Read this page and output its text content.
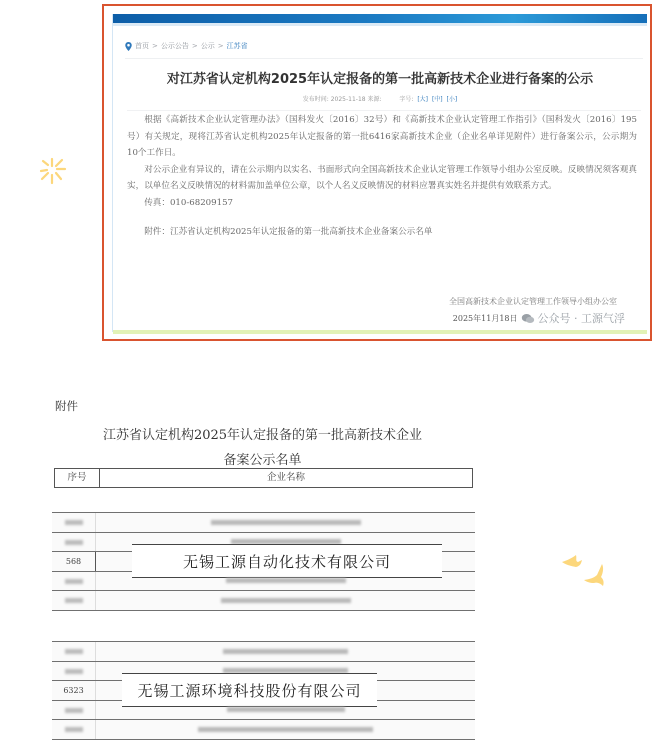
首页 > 公示公告 > 公示 > 江苏省
对江苏省认定机构2025年认定报备的第一批高新技术企业进行备案的公示
发布时间: 2025-11-18 来源:	字号: [大] [中] [小]

根据《高新技术企业认定管理办法》（国科发火〔2016〕32号）和《高新技术企业认定管理工作指引》（国科发火〔2016〕195号）有关规定，现将江苏省认定机构2025年认定报备的第一批6416家高新技术企业（企业名单详见附件）进行备案公示，公示期为10个工作日。

对公示企业有异议的，请在公示期内以实名、书面形式向全国高新技术企业认定管理工作领导小组办公室反映。反映情况须客观真实，以单位名义反映情况的材料需加盖单位公章，以个人名义反映情况的材料应署真实姓名并提供有效联系方式。

传真：010-68209157

附件：江苏省认定机构2025年认定报备的第一批高新技术企业备案公示名单

全国高新技术企业认定管理工作领导小组办公室
2025年11月18日 公众号 · 工源气浮
附件
江苏省认定机构2025年认定报备的第一批高新技术企业
备案公示名单
序号	企业名称
568	无锡工源自动化技术有限公司
6323	无锡工源环境科技股份有限公司
